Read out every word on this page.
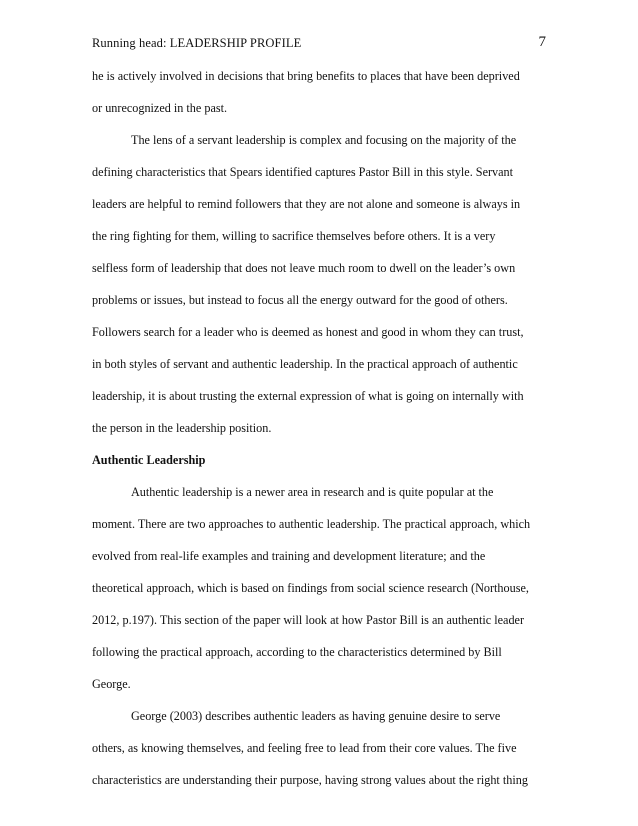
Running head: LEADERSHIP PROFILE	7
he is actively involved in decisions that bring benefits to places that have been deprived
or unrecognized in the past.
The lens of a servant leadership is complex and focusing on the majority of the
defining characteristics that Spears identified captures Pastor Bill in this style. Servant
leaders are helpful to remind followers that they are not alone and someone is always in
the ring fighting for them, willing to sacrifice themselves before others. It is a very
selfless form of leadership that does not leave much room to dwell on the leader’s own
problems or issues, but instead to focus all the energy outward for the good of others.
Followers search for a leader who is deemed as honest and good in whom they can trust,
in both styles of servant and authentic leadership. In the practical approach of authentic
leadership, it is about trusting the external expression of what is going on internally with
the person in the leadership position.
Authentic Leadership
Authentic leadership is a newer area in research and is quite popular at the
moment. There are two approaches to authentic leadership. The practical approach, which
evolved from real-life examples and training and development literature; and the
theoretical approach, which is based on findings from social science research (Northouse,
2012, p.197). This section of the paper will look at how Pastor Bill is an authentic leader
following the practical approach, according to the characteristics determined by Bill
George.
George (2003) describes authentic leaders as having genuine desire to serve
others, as knowing themselves, and feeling free to lead from their core values. The five
characteristics are understanding their purpose, having strong values about the right thing
